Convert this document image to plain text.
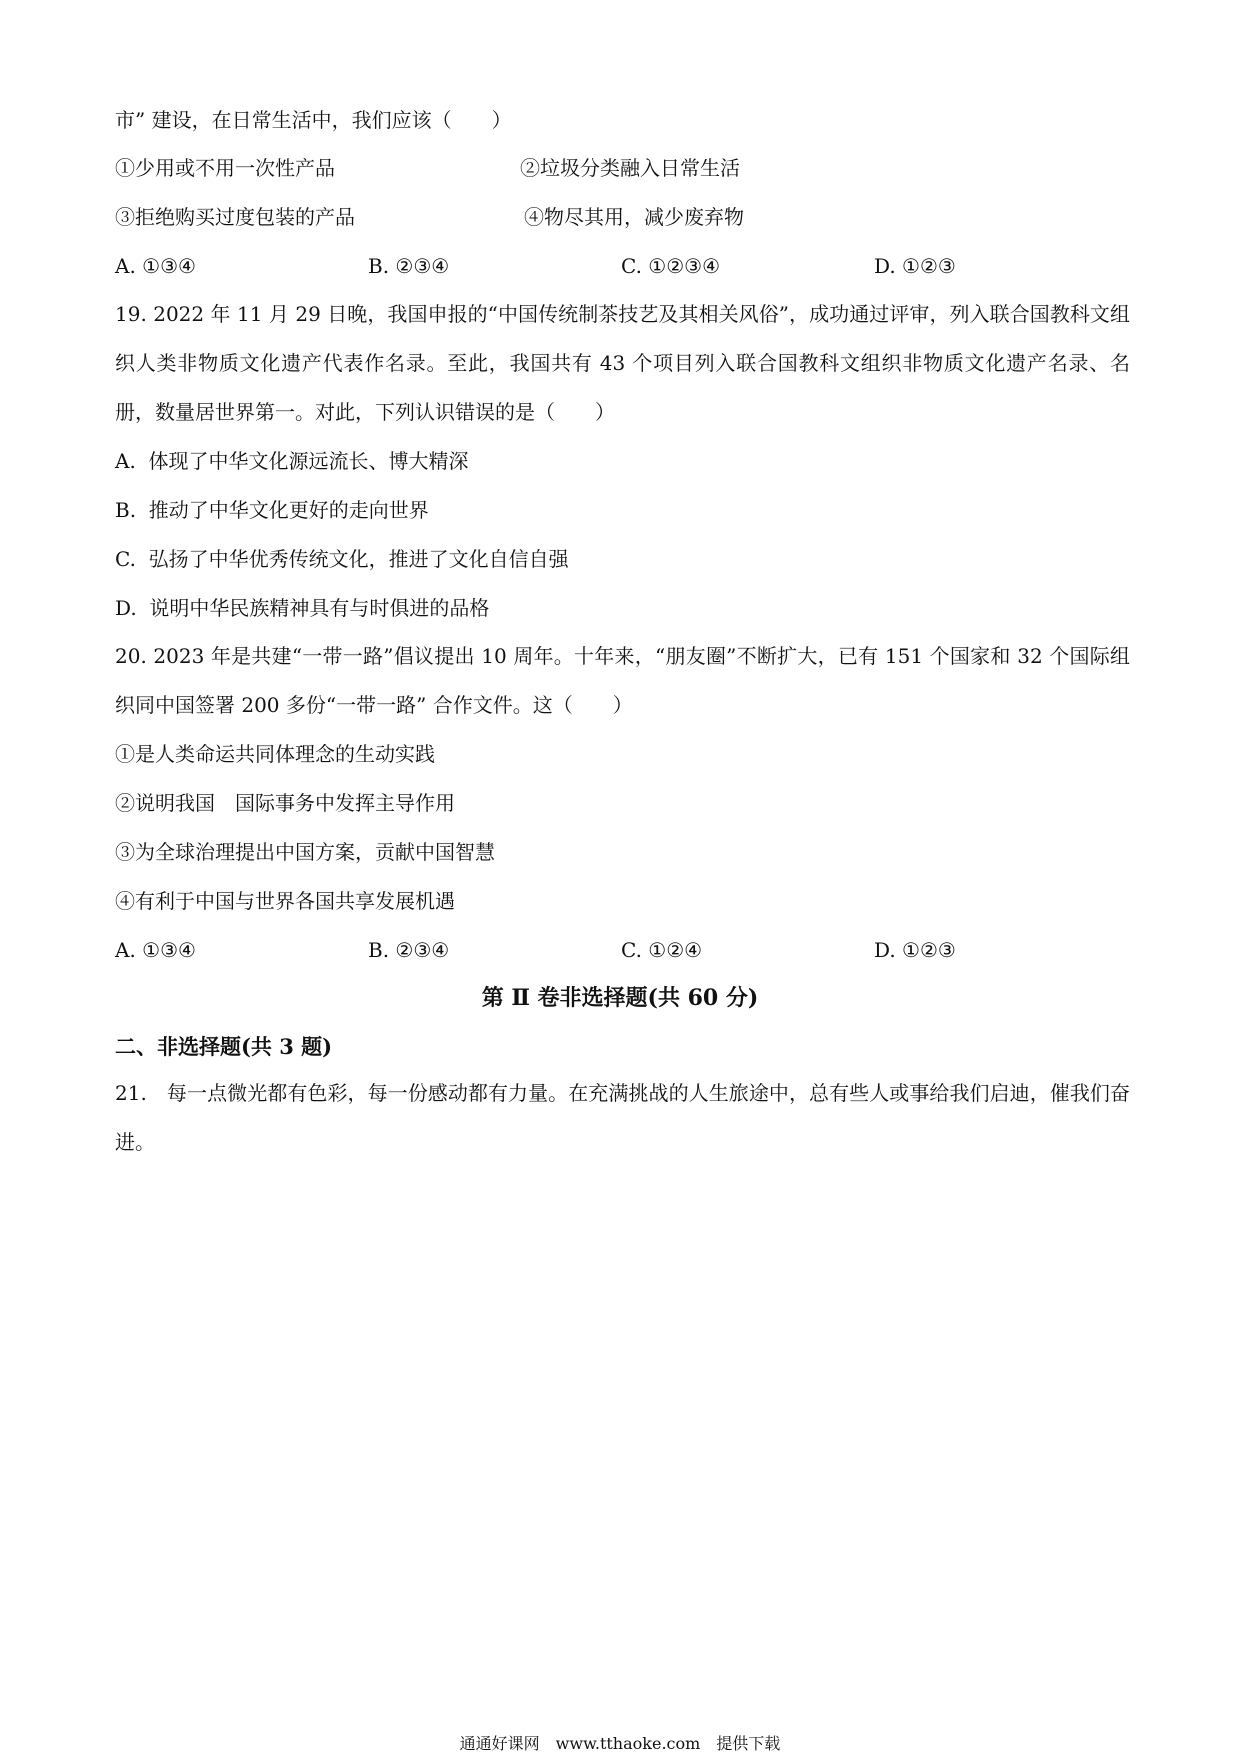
市” 建设，在日常生活中，我们应该（　　）
①少用或不用一次性产品	②垃圾分类融入日常生活
③拒绝购买过度包装的产品	④物尽其用，减少废弃物
A. ①③④	B. ②③④	C. ①②③④	D. ①②③
19. 2022 年 11 月 29 日晚，我国申报的“中国传统制茶技艺及其相关风俗”，成功通过评审，列入联合国教科文组织人类非物质文化遗产代表作名录。至此，我国共有 43 个项目列入联合国教科文组织非物质文化遗产名录、名册，数量居世界第一。对此，下列认识错误的是（　　）
A.  体现了中华文化源远流长、博大精深
B.  推动了中华文化更好的走向世界
C.  弘扬了中华优秀传统文化，推进了文化自信自强
D.  说明中华民族精神具有与时俱进的品格
20. 2023 年是共建“一带一路”倡议提出 10 周年。十年来，“朋友圈”不断扩大，已有 151 个国家和 32 个国际组织同中国签署 200 多份“一带一路” 合作文件。这（　　）
①是人类命运共同体理念的生动实践
②说明我国　国际事务中发挥主导作用
③为全球治理提出中国方案，贡献中国智慧
④有利于中国与世界各国共享发展机遇
A. ①③④	B. ②③④	C. ①②④	D. ①②③
第 Ⅱ 卷非选择题(共 60 分)
二、非选择题(共 3 题)
21.　每一点微光都有色彩，每一份感动都有力量。在充满挑战的人生旅途中，总有些人或事给我们启迪，催我们奋进。
通通好课网　www.tthaoke.com　提供下载
